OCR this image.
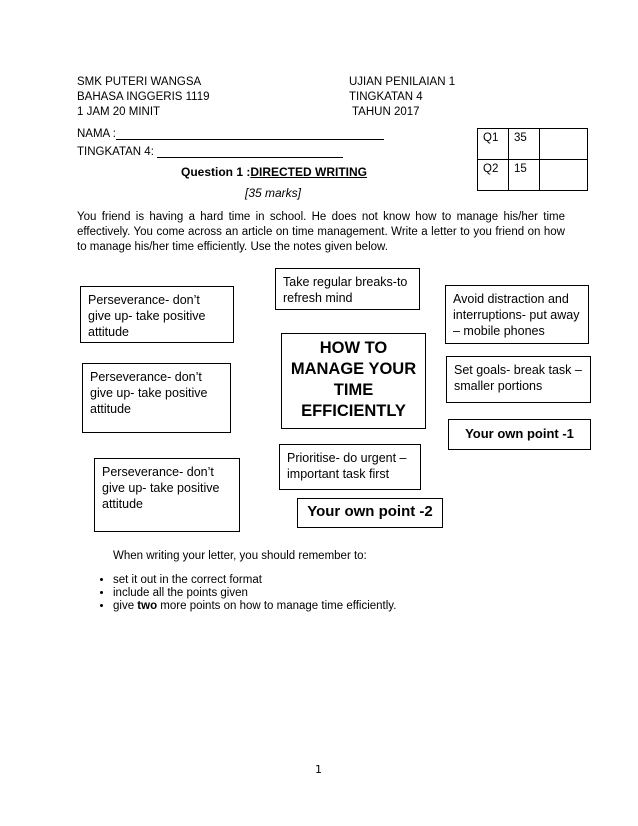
SMK PUTERI WANGSA
BAHASA INGGERIS 1119
1 JAM 20 MINIT
UJIAN PENILAIAN 1
TINGKATAN 4
TAHUN 2017
NAMA :
TINGKATAN 4:
Q1	35	
Q2	15	
Question 1 :DIRECTED WRITING
[35 marks]
You friend is having a hard time in school. He does not know how to manage his/her time effectively. You come across an article on time management. Write a letter to you friend on how to manage his/her time efficiently. Use the notes given below.
Take regular breaks-to refresh mind
Perseverance- don’t give up- take positive attitude
Avoid distraction and interruptions- put away – mobile phones
HOW TO MANAGE YOUR TIME EFFICIENTLY
Perseverance- don’t give up- take positive attitude
Set goals- break task – smaller portions
Your own point -1
Prioritise- do urgent – important task first
Perseverance- don’t give up- take positive attitude	Your own point -2
When writing your letter, you should remember to:
• set it out in the correct format
• include all the points given
• give two more points on how to manage time efficiently.
1
